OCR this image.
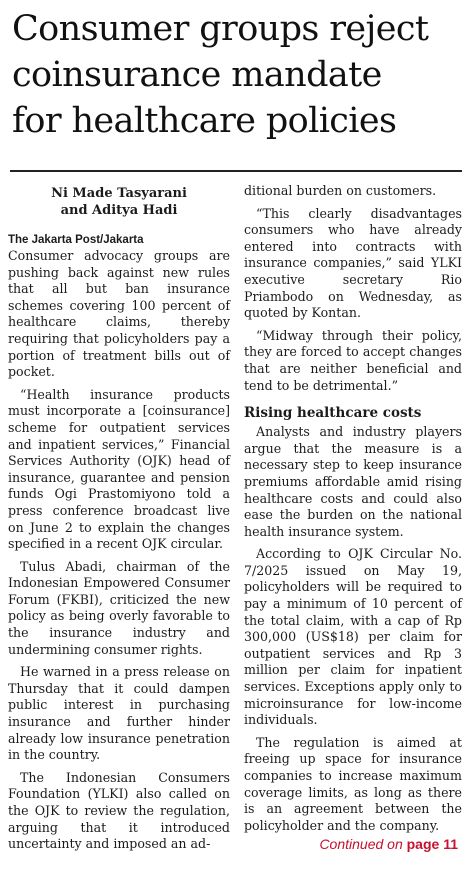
Consumer groups reject
coinsurance mandate
for healthcare policies
Ni Made Tasyarani
and Aditya Hadi
The Jakarta Post/Jakarta

Consumer advocacy groups are pushing back against new rules that all but ban insurance schemes covering 100 percent of healthcare claims, thereby requiring that policyholders pay a portion of treatment bills out of pocket.

“Health insurance products must incorporate a [coinsurance] scheme for outpatient services and inpatient services,” Financial Services Authority (OJK) head of insurance, guarantee and pension funds Ogi Prastomiyono told a press conference broadcast live on June 2 to explain the changes specified in a recent OJK circular.

Tulus Abadi, chairman of the Indonesian Empowered Consumer Forum (FKBI), criticized the new policy as being overly favorable to the insurance industry and undermining consumer rights.

He warned in a press release on Thursday that it could dampen public interest in purchasing insurance and further hinder already low insurance penetration in the country.

The Indonesian Consumers Foundation (YLKI) also called on the OJK to review the regulation, arguing that it introduced uncertainty and imposed an ad-

ditional burden on customers.

“This clearly disadvantages consumers who have already entered into contracts with insurance companies,” said YLKI executive secretary Rio Priambodo on Wednesday, as quoted by Kontan.

“Midway through their policy, they are forced to accept changes that are neither beneficial and tend to be detrimental.”

Rising healthcare costs

Analysts and industry players argue that the measure is a necessary step to keep insurance premiums affordable amid rising healthcare costs and could also ease the burden on the national health insurance system.

According to OJK Circular No. 7/2025 issued on May 19, policyholders will be required to pay a minimum of 10 percent of the total claim, with a cap of Rp 300,000 (US$18) per claim for outpatient services and Rp 3 million per claim for inpatient services. Exceptions apply only to microinsurance for low-income individuals.

The regulation is aimed at freeing up space for insurance companies to increase maximum coverage limits, as long as there is an agreement between the policyholder and the company.

Continued on page 11
